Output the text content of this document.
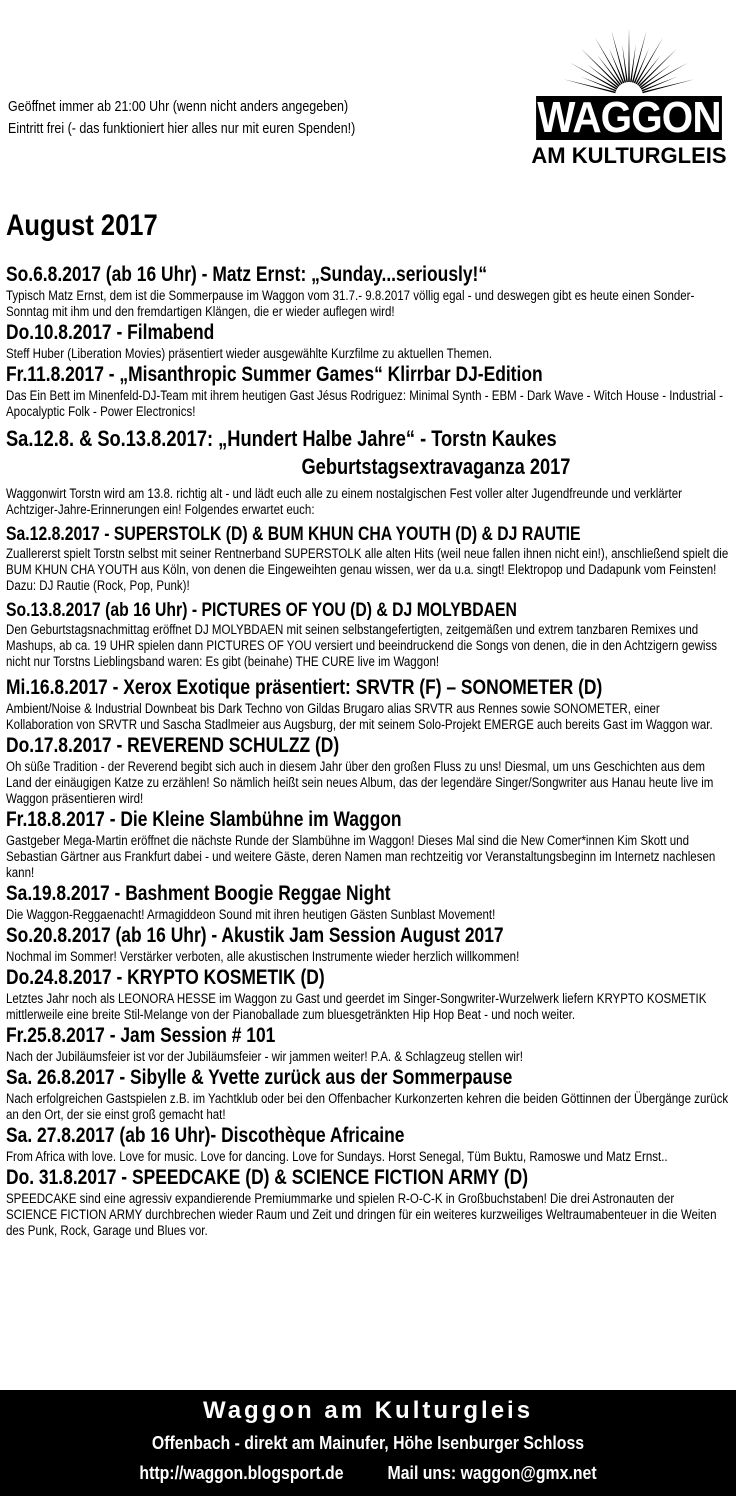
Geöffnet immer ab 21:00 Uhr (wenn nicht anders angegeben)
Eintritt frei (- das funktioniert hier alles nur mit euren Spenden!)	WAGGON
AM KULTURGLEIS
August 2017
So.6.8.2017 (ab 16 Uhr) - Matz Ernst: „Sunday...seriously!“

Typisch Matz Ernst, dem ist die Sommerpause im Waggon vom 31.7.- 9.8.2017 völlig egal - und deswegen gibt es heute einen Sonder-Sonntag mit ihm und den fremdartigen Klängen, die er wieder auflegen wird!

Do.10.8.2017 - Filmabend

Steff Huber (Liberation Movies) präsentiert wieder ausgewählte Kurzfilme zu aktuellen Themen.

Fr.11.8.2017 - „Misanthropic Summer Games“ Klirrbar DJ-Edition

Das Ein Bett im Minenfeld-DJ-Team mit ihrem heutigen Gast Jésus Rodriguez: Minimal Synth - EBM - Dark Wave - Witch House - Industrial - Apocalyptic Folk - Power Electronics!

Sa.12.8. & So.13.8.2017: „Hundert Halbe Jahre“ - Torstn Kaukes
Geburtstagsextravaganza 2017

Waggonwirt Torstn wird am 13.8. richtig alt - und lädt euch alle zu einem nostalgischen Fest voller alter Jugendfreunde und verklärter Achtziger-Jahre-Erinnerungen ein! Folgendes erwartet euch:

Sa.12.8.2017 - SUPERSTOLK (D) & BUM KHUN CHA YOUTH (D) & DJ RAUTIE

Zuallererst spielt Torstn selbst mit seiner Rentnerband SUPERSTOLK alle alten Hits (weil neue fallen ihnen nicht ein!), anschließend spielt die BUM KHUN CHA YOUTH aus Köln, von denen die Eingeweihten genau wissen, wer da u.a. singt! Elektropop und Dadapunk vom Feinsten! Dazu: DJ Rautie (Rock, Pop, Punk)!

So.13.8.2017 (ab 16 Uhr) - PICTURES OF YOU (D) & DJ MOLYBDAEN

Den Geburtstagsnachmittag eröffnet DJ MOLYBDAEN mit seinen selbstangefertigten, zeitgemäßen und extrem tanzbaren Remixes und Mashups, ab ca. 19 UHR spielen dann PICTURES OF YOU versiert und beeindruckend die Songs von denen, die in den Achtzigern gewiss nicht nur Torstns Lieblingsband waren: Es gibt (beinahe) THE CURE live im Waggon!

Mi.16.8.2017 - Xerox Exotique präsentiert: SRVTR (F) – SONOMETER (D)

Ambient/Noise & Industrial Downbeat bis Dark Techno von Gildas Brugaro alias SRVTR aus Rennes sowie SONOMETER, einer Kollaboration von SRVTR und Sascha Stadlmeier aus Augsburg, der mit seinem Solo-Projekt EMERGE auch bereits Gast im Waggon war.

Do.17.8.2017 - REVEREND SCHULZZ (D)

Oh süße Tradition - der Reverend begibt sich auch in diesem Jahr über den großen Fluss zu uns! Diesmal, um uns Geschichten aus dem Land der einäugigen Katze zu erzählen! So nämlich heißt sein neues Album, das der legendäre Singer/Songwriter aus Hanau heute live im Waggon präsentieren wird!

Fr.18.8.2017 - Die Kleine Slambühne im Waggon

Gastgeber Mega-Martin eröffnet die nächste Runde der Slambühne im Waggon! Dieses Mal sind die New Comer*innen Kim Skott und Sebastian Gärtner aus Frankfurt dabei - und weitere Gäste, deren Namen man rechtzeitig vor Veranstaltungsbeginn im Internetz nachlesen kann!

Sa.19.8.2017 - Bashment Boogie Reggae Night

Die Waggon-Reggaenacht! Armagiddeon Sound mit ihren heutigen Gästen Sunblast Movement!

So.20.8.2017 (ab 16 Uhr) - Akustik Jam Session August 2017

Nochmal im Sommer! Verstärker verboten, alle akustischen Instrumente wieder herzlich willkommen!

Do.24.8.2017 - KRYPTO KOSMETIK (D)

Letztes Jahr noch als LEONORA HESSE im Waggon zu Gast und geerdet im Singer-Songwriter-Wurzelwerk liefern KRYPTO KOSMETIK mittlerweile eine breite Stil-Melange von der Pianoballade zum bluesgetränkten Hip Hop Beat - und noch weiter.

Fr.25.8.2017 - Jam Session # 101

Nach der Jubiläumsfeier ist vor der Jubiläumsfeier - wir jammen weiter! P.A. & Schlagzeug stellen wir!

Sa. 26.8.2017 - Sibylle & Yvette zurück aus der Sommerpause

Nach erfolgreichen Gastspielen z.B. im Yachtklub oder bei den Offenbacher Kurkonzerten kehren die beiden Göttinnen der Übergänge zurück an den Ort, der sie einst groß gemacht hat!

Sa. 27.8.2017 (ab 16 Uhr)- Discothèque Africaine

From Africa with love. Love for music. Love for dancing. Love for Sundays. Horst Senegal, Tüm Buktu, Ramoswe und Matz Ernst..

Do. 31.8.2017 - SPEEDCAKE (D) & SCIENCE FICTION ARMY (D)

SPEEDCAKE sind eine agressiv expandierende Premiummarke und spielen R-O-C-K in Großbuchstaben! Die drei Astronauten der SCIENCE FICTION ARMY durchbrechen wieder Raum und Zeit und dringen für ein weiteres kurzweiliges Weltraumabenteuer in die Weiten des Punk, Rock, Garage und Blues vor.

Waggon am Kulturgleis
Offenbach - direkt am Mainufer, Höhe Isenburger Schloss
http://waggon.blogsport.de Mail uns: waggon@gmx.net
